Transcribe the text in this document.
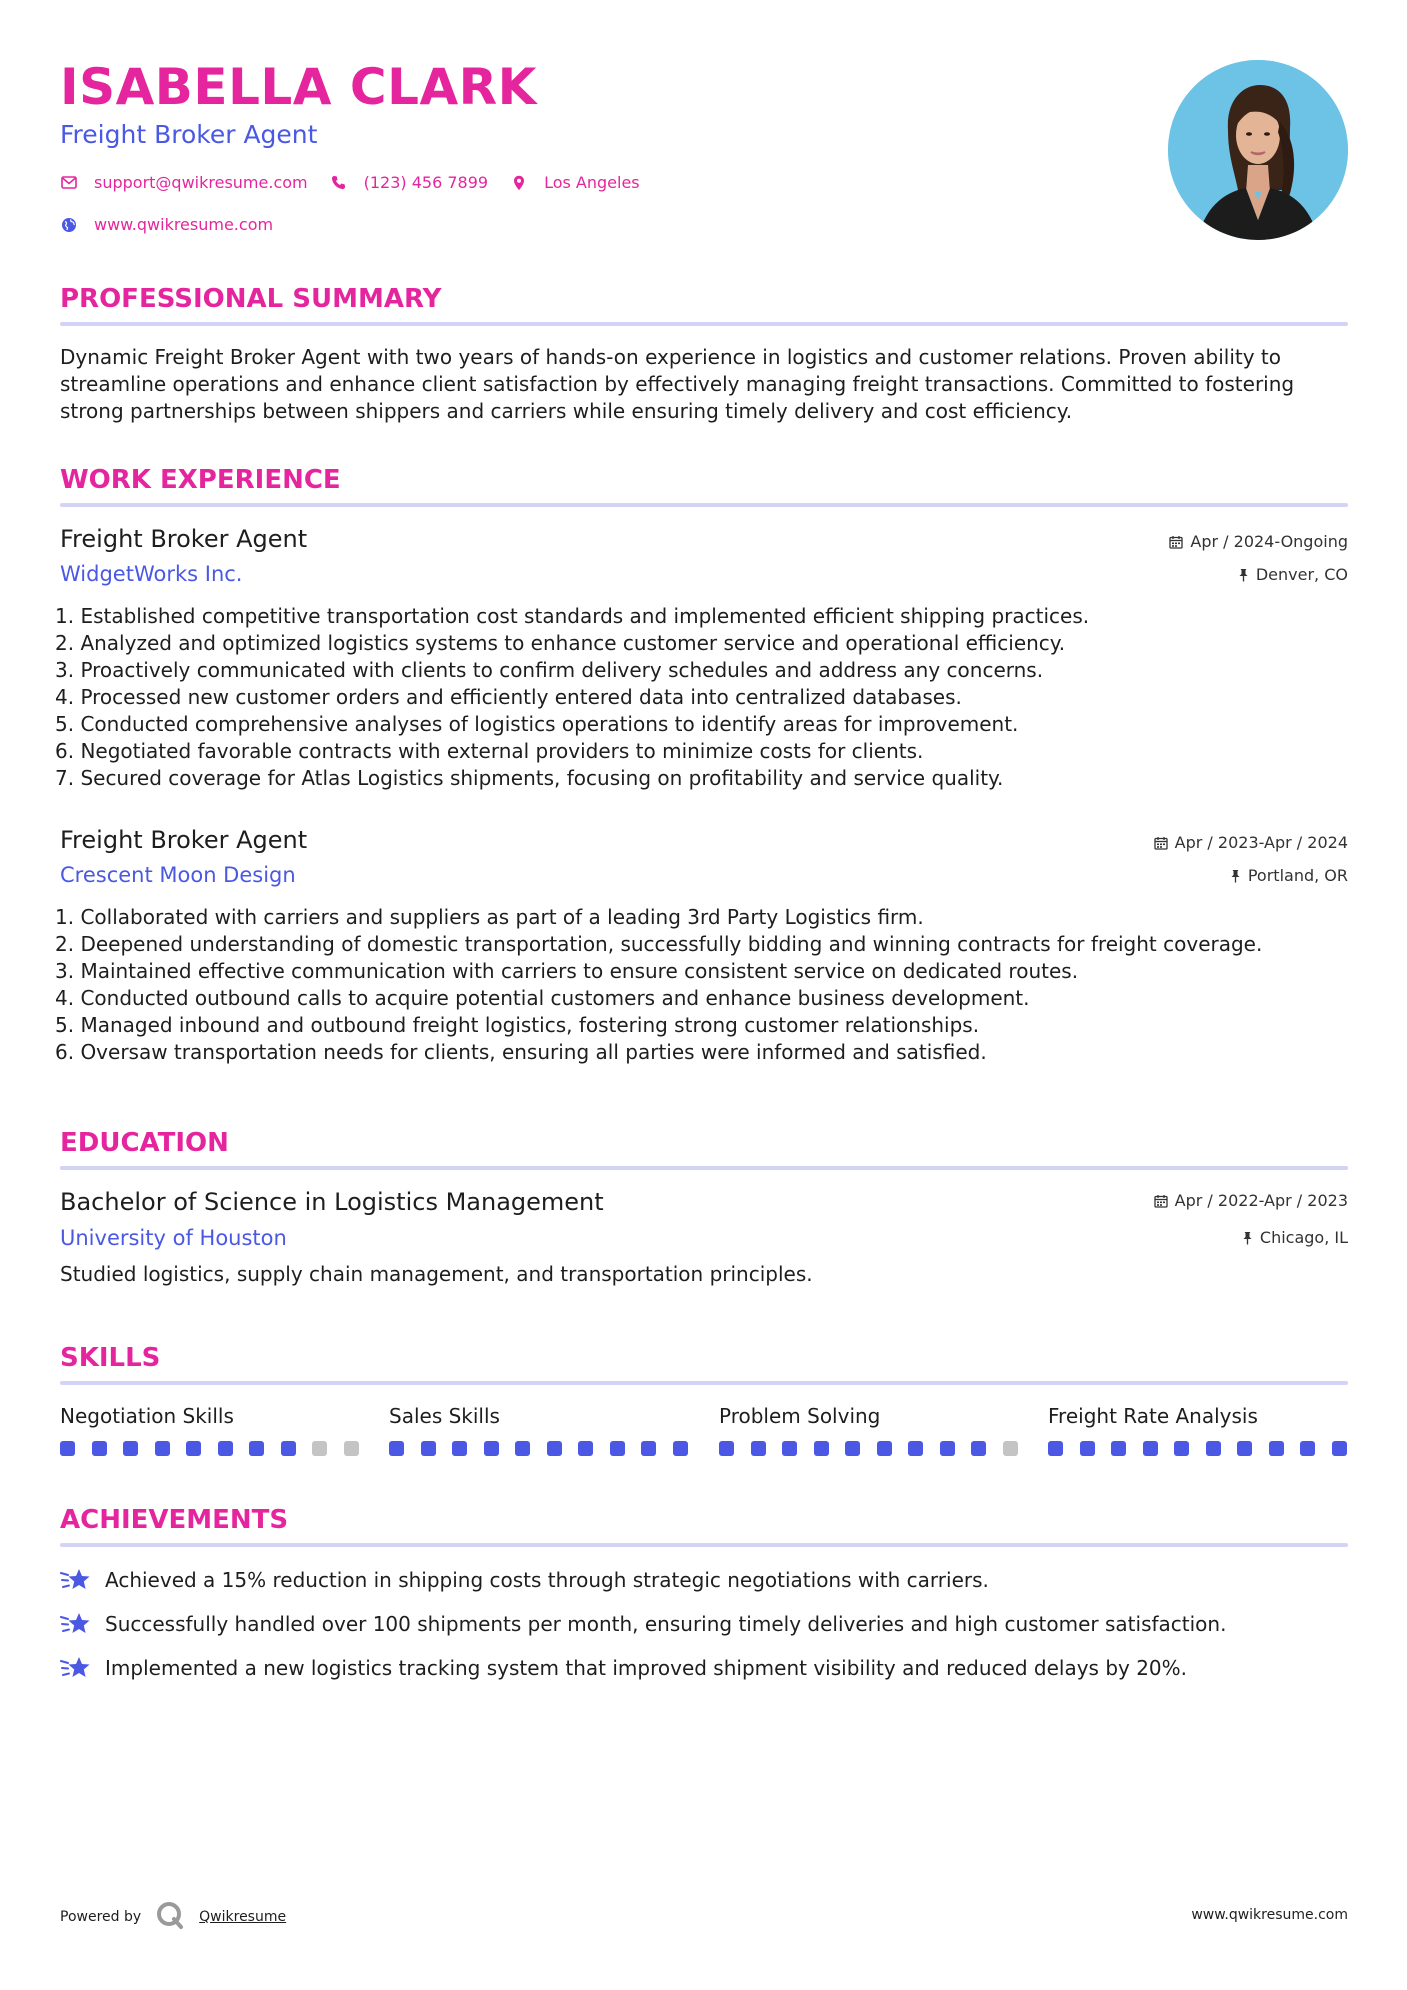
ISABELLA CLARK
Freight Broker Agent
support@qwikresume.com	(123) 456 7899	Los Angeles
www.qwikresume.com
PROFESSIONAL SUMMARY
Dynamic Freight Broker Agent with two years of hands-on experience in logistics and customer relations. Proven ability to streamline operations and enhance client satisfaction by effectively managing freight transactions. Committed to fostering strong partnerships between shippers and carriers while ensuring timely delivery and cost efficiency.
WORK EXPERIENCE
Freight Broker Agent	Apr / 2024-Ongoing
WidgetWorks Inc.	Denver, CO
1. Established competitive transportation cost standards and implemented efficient shipping practices.
2. Analyzed and optimized logistics systems to enhance customer service and operational efficiency.
3. Proactively communicated with clients to confirm delivery schedules and address any concerns.
4. Processed new customer orders and efficiently entered data into centralized databases.
5. Conducted comprehensive analyses of logistics operations to identify areas for improvement.
6. Negotiated favorable contracts with external providers to minimize costs for clients.
7. Secured coverage for Atlas Logistics shipments, focusing on profitability and service quality.
Freight Broker Agent	Apr / 2023-Apr / 2024
Crescent Moon Design	Portland, OR
1. Collaborated with carriers and suppliers as part of a leading 3rd Party Logistics firm.
2. Deepened understanding of domestic transportation, successfully bidding and winning contracts for freight coverage.
3. Maintained effective communication with carriers to ensure consistent service on dedicated routes.
4. Conducted outbound calls to acquire potential customers and enhance business development.
5. Managed inbound and outbound freight logistics, fostering strong customer relationships.
6. Oversaw transportation needs for clients, ensuring all parties were informed and satisfied.
EDUCATION
Bachelor of Science in Logistics Management	Apr / 2022-Apr / 2023
University of Houston	Chicago, IL
Studied logistics, supply chain management, and transportation principles.
SKILLS
Negotiation Skills	Sales Skills	Problem Solving	Freight Rate Analysis
ACHIEVEMENTS
Achieved a 15% reduction in shipping costs through strategic negotiations with carriers.
Successfully handled over 100 shipments per month, ensuring timely deliveries and high customer satisfaction.
Implemented a new logistics tracking system that improved shipment visibility and reduced delays by 20%.
Powered by	Qwikresume	www.qwikresume.com
